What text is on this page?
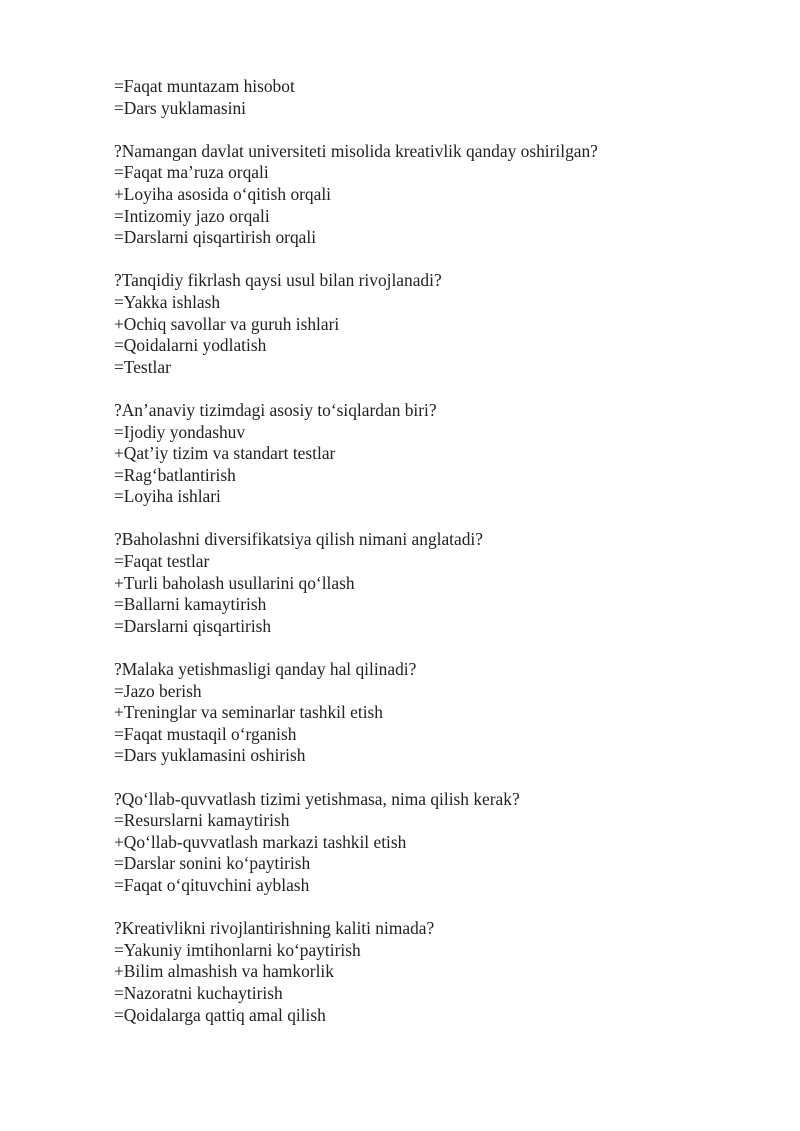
=Faqat muntazam hisobot
=Dars yuklamasini
?Namangan davlat universiteti misolida kreativlik qanday oshirilgan?
=Faqat ma’ruza orqali
+Loyiha asosida o‘qitish orqali
=Intizomiy jazo orqali
=Darslarni qisqartirish orqali
?Tanqidiy fikrlash qaysi usul bilan rivojlanadi?
=Yakka ishlash
+Ochiq savollar va guruh ishlari
=Qoidalarni yodlatish
=Testlar
?An’anaviy tizimdagi asosiy to‘siqlardan biri?
=Ijodiy yondashuv
+Qat’iy tizim va standart testlar
=Rag‘batlantirish
=Loyiha ishlari
?Baholashni diversifikatsiya qilish nimani anglatadi?
=Faqat testlar
+Turli baholash usullarini qo‘llash
=Ballarni kamaytirish
=Darslarni qisqartirish
?Malaka yetishmasligi qanday hal qilinadi?
=Jazo berish
+Treninglar va seminarlar tashkil etish
=Faqat mustaqil o‘rganish
=Dars yuklamasini oshirish
?Qo‘llab-quvvatlash tizimi yetishmasa, nima qilish kerak?
=Resurslarni kamaytirish
+Qo‘llab-quvvatlash markazi tashkil etish
=Darslar sonini ko‘paytirish
=Faqat o‘qituvchini ayblash
?Kreativlikni rivojlantirishning kaliti nimada?
=Yakuniy imtihonlarni ko‘paytirish
+Bilim almashish va hamkorlik
=Nazoratni kuchaytirish
=Qoidalarga qattiq amal qilish
